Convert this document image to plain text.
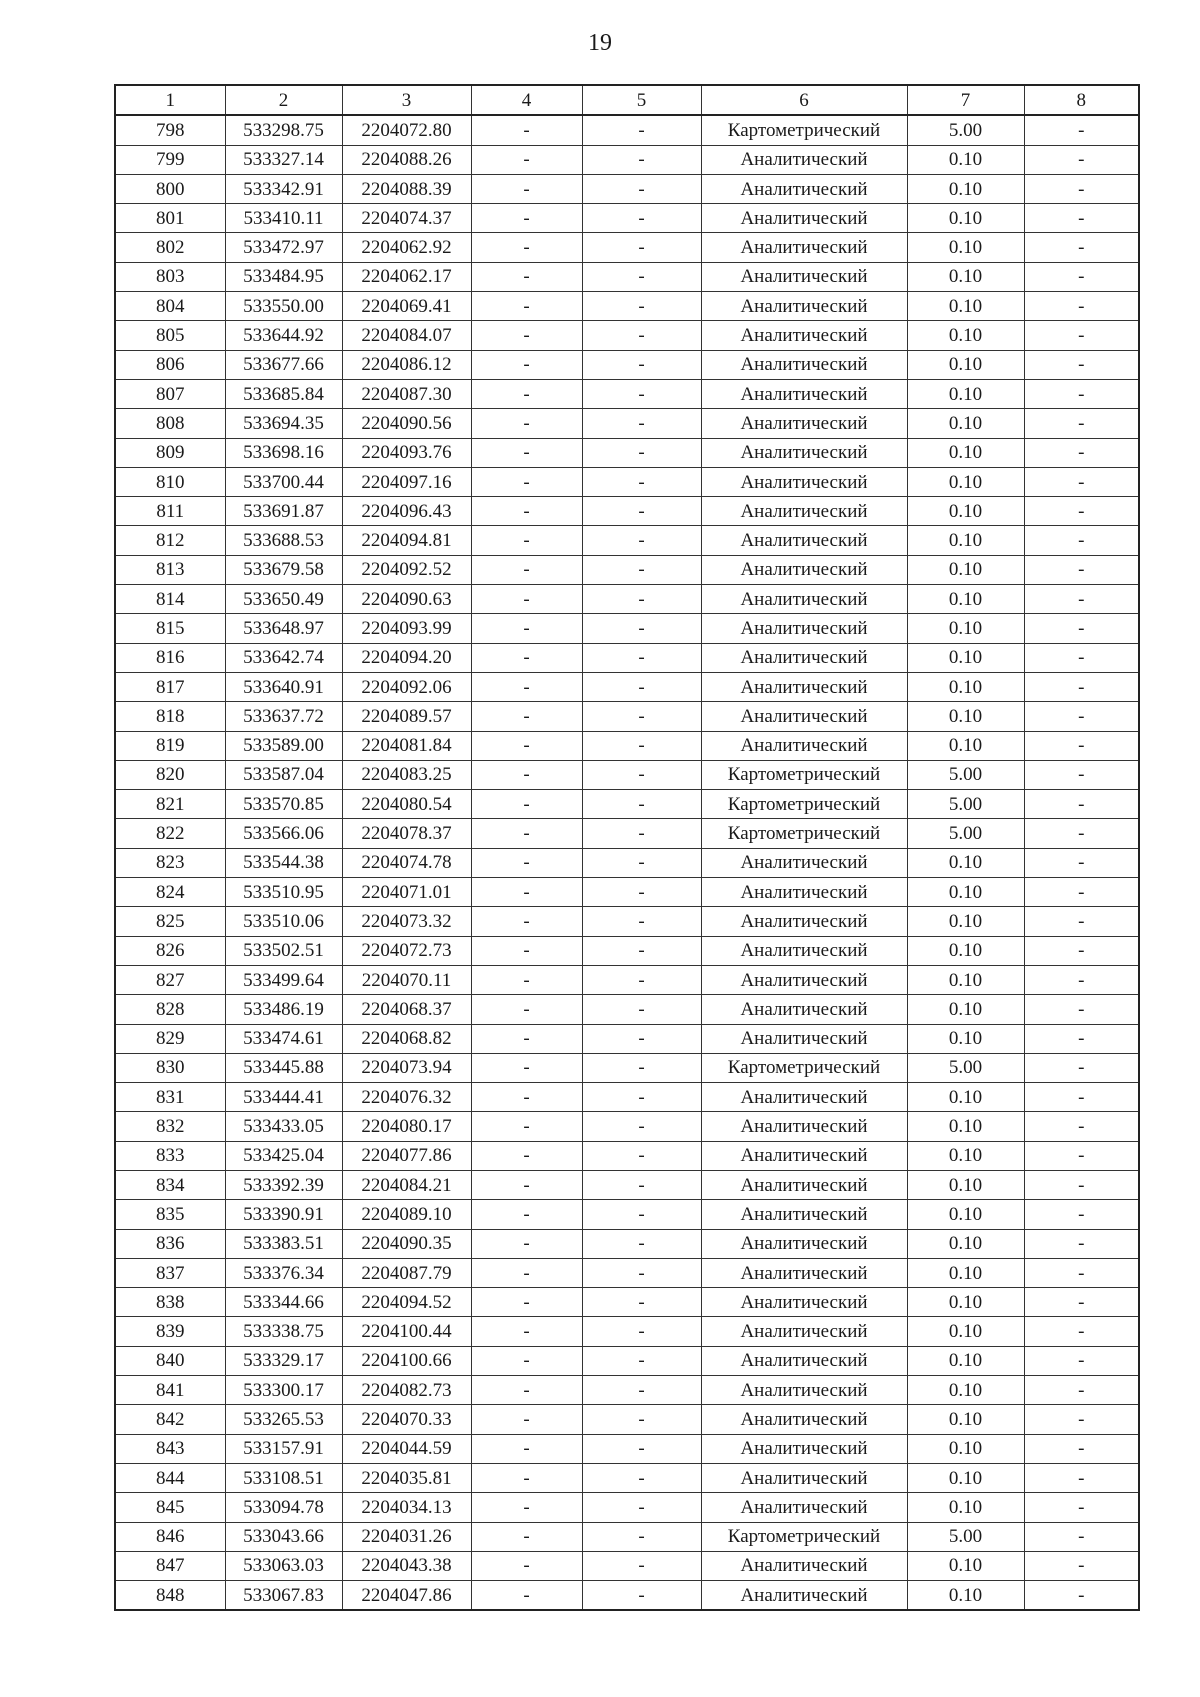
19
1	2	3	4	5	6	7	8
798	533298.75	2204072.80	-	-	Картометрический	5.00	-
799	533327.14	2204088.26	-	-	Аналитический	0.10	-
800	533342.91	2204088.39	-	-	Аналитический	0.10	-
801	533410.11	2204074.37	-	-	Аналитический	0.10	-
802	533472.97	2204062.92	-	-	Аналитический	0.10	-
803	533484.95	2204062.17	-	-	Аналитический	0.10	-
804	533550.00	2204069.41	-	-	Аналитический	0.10	-
805	533644.92	2204084.07	-	-	Аналитический	0.10	-
806	533677.66	2204086.12	-	-	Аналитический	0.10	-
807	533685.84	2204087.30	-	-	Аналитический	0.10	-
808	533694.35	2204090.56	-	-	Аналитический	0.10	-
809	533698.16	2204093.76	-	-	Аналитический	0.10	-
810	533700.44	2204097.16	-	-	Аналитический	0.10	-
811	533691.87	2204096.43	-	-	Аналитический	0.10	-
812	533688.53	2204094.81	-	-	Аналитический	0.10	-
813	533679.58	2204092.52	-	-	Аналитический	0.10	-
814	533650.49	2204090.63	-	-	Аналитический	0.10	-
815	533648.97	2204093.99	-	-	Аналитический	0.10	-
816	533642.74	2204094.20	-	-	Аналитический	0.10	-
817	533640.91	2204092.06	-	-	Аналитический	0.10	-
818	533637.72	2204089.57	-	-	Аналитический	0.10	-
819	533589.00	2204081.84	-	-	Аналитический	0.10	-
820	533587.04	2204083.25	-	-	Картометрический	5.00	-
821	533570.85	2204080.54	-	-	Картометрический	5.00	-
822	533566.06	2204078.37	-	-	Картометрический	5.00	-
823	533544.38	2204074.78	-	-	Аналитический	0.10	-
824	533510.95	2204071.01	-	-	Аналитический	0.10	-
825	533510.06	2204073.32	-	-	Аналитический	0.10	-
826	533502.51	2204072.73	-	-	Аналитический	0.10	-
827	533499.64	2204070.11	-	-	Аналитический	0.10	-
828	533486.19	2204068.37	-	-	Аналитический	0.10	-
829	533474.61	2204068.82	-	-	Аналитический	0.10	-
830	533445.88	2204073.94	-	-	Картометрический	5.00	-
831	533444.41	2204076.32	-	-	Аналитический	0.10	-
832	533433.05	2204080.17	-	-	Аналитический	0.10	-
833	533425.04	2204077.86	-	-	Аналитический	0.10	-
834	533392.39	2204084.21	-	-	Аналитический	0.10	-
835	533390.91	2204089.10	-	-	Аналитический	0.10	-
836	533383.51	2204090.35	-	-	Аналитический	0.10	-
837	533376.34	2204087.79	-	-	Аналитический	0.10	-
838	533344.66	2204094.52	-	-	Аналитический	0.10	-
839	533338.75	2204100.44	-	-	Аналитический	0.10	-
840	533329.17	2204100.66	-	-	Аналитический	0.10	-
841	533300.17	2204082.73	-	-	Аналитический	0.10	-
842	533265.53	2204070.33	-	-	Аналитический	0.10	-
843	533157.91	2204044.59	-	-	Аналитический	0.10	-
844	533108.51	2204035.81	-	-	Аналитический	0.10	-
845	533094.78	2204034.13	-	-	Аналитический	0.10	-
846	533043.66	2204031.26	-	-	Картометрический	5.00	-
847	533063.03	2204043.38	-	-	Аналитический	0.10	-
848	533067.83	2204047.86	-	-	Аналитический	0.10	-
